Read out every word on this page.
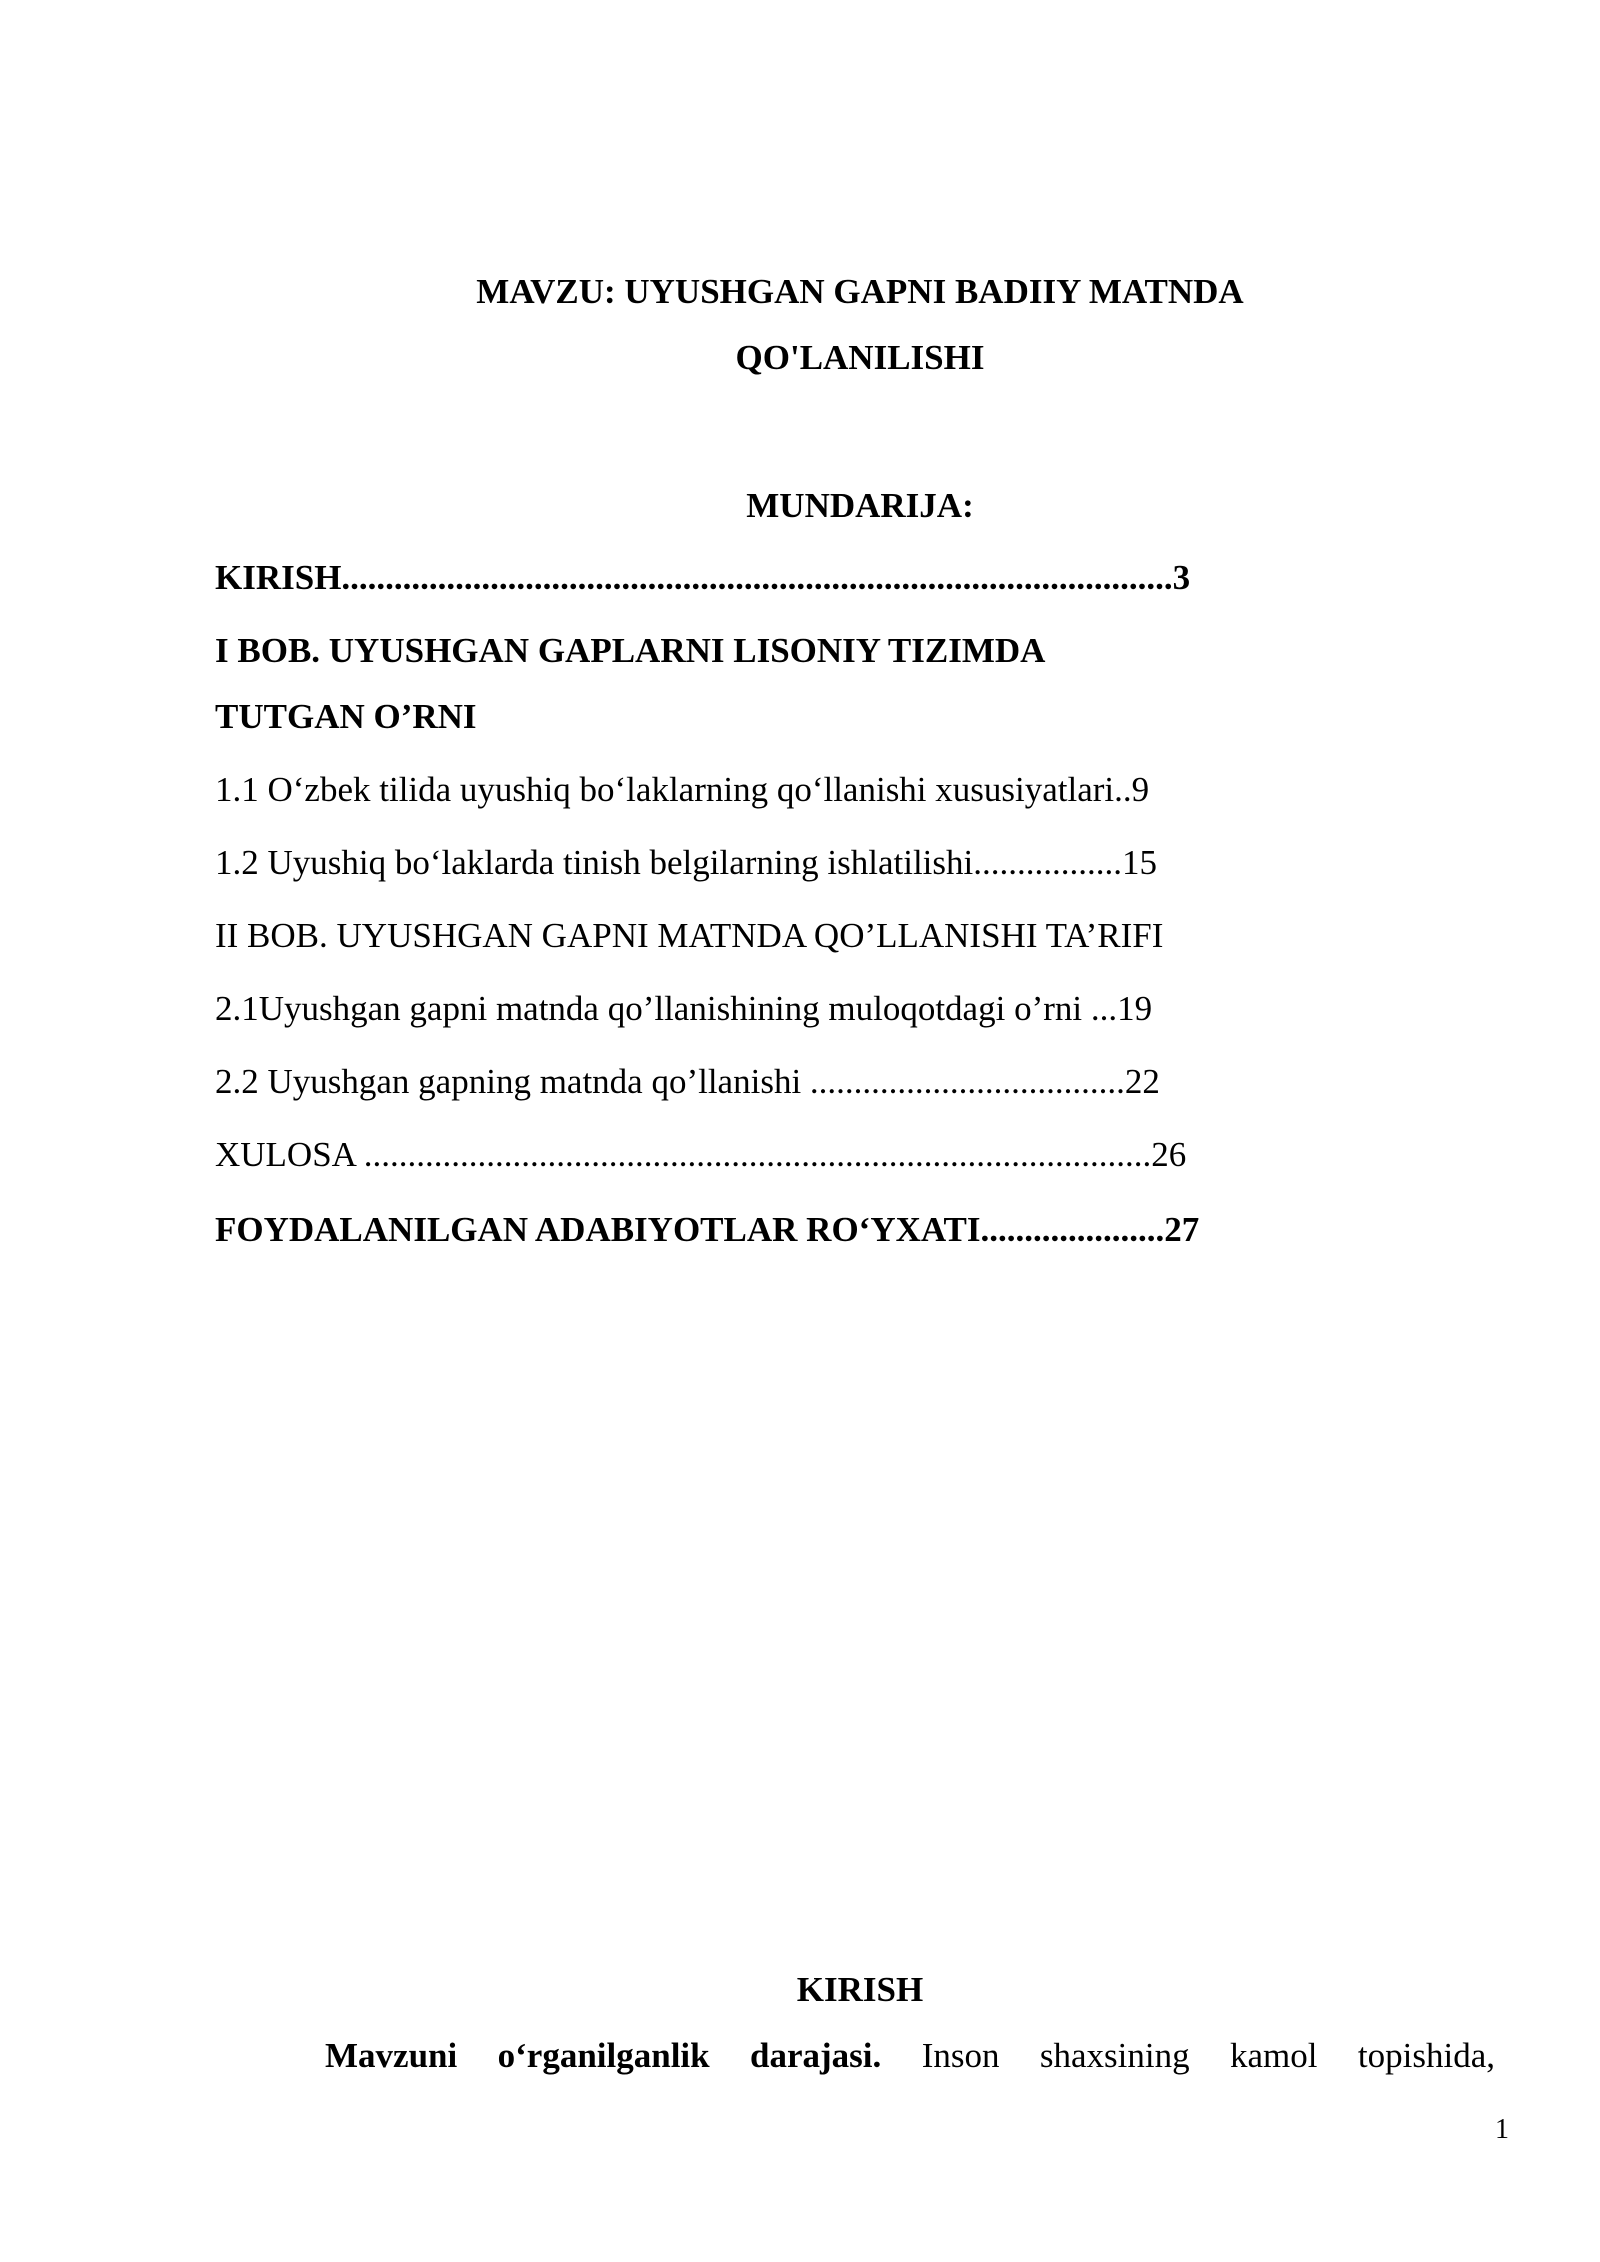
MAVZU: UYUSHGAN GAPNI BADIIY MATNDA
QO'LANILISHI
MUNDARIJA:
KIRISH...............................................................................................3
I BOB. UYUSHGAN GAPLARNI LISONIY TIZIMDA
TUTGAN O’RNI
1.1 O‘zbek tilida uyushiq bo‘laklarning qo‘llanishi xususiyatlari..9
1.2 Uyushiq bo‘laklarda tinish belgilarning ishlatilishi.................15
II BOB. UYUSHGAN GAPNI MATNDA QO’LLANISHI TA’RIFI
2.1Uyushgan gapni matnda qo’llanishining muloqotdagi o’rni ...19
2.2 Uyushgan gapning matnda qo’llanishi ....................................22
XULOSA ..........................................................................................26
FOYDALANILGAN ADABIYOTLAR RO‘YXATI.....................27
KIRISH
Mavzuni o‘rganilganlik darajasi. Inson shaxsining kamol topishida,
1
